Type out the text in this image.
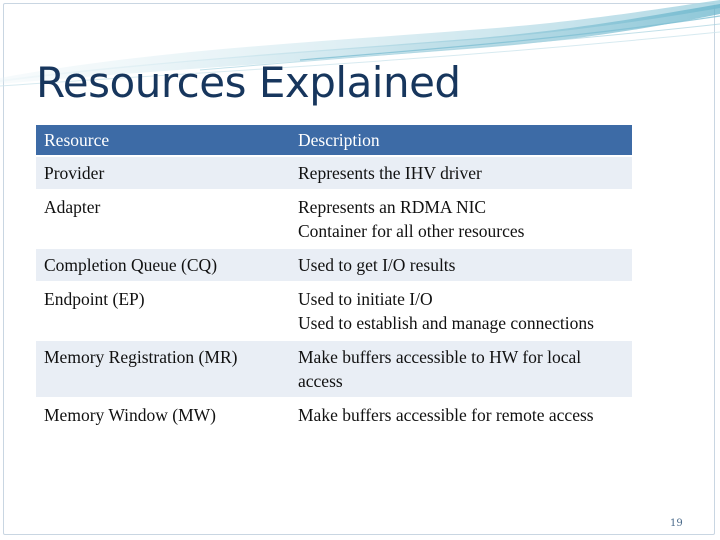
Resources Explained
Resource	Description
Provider	Represents the IHV driver
Adapter	Represents an RDMA NIC
Container for all other resources
Completion Queue (CQ)	Used to get I/O results
Endpoint (EP)	Used to initiate I/O
Used to establish and manage connections
Memory Registration (MR)	Make buffers accessible to HW for local access
Memory Window (MW)	Make buffers accessible for remote access
19
